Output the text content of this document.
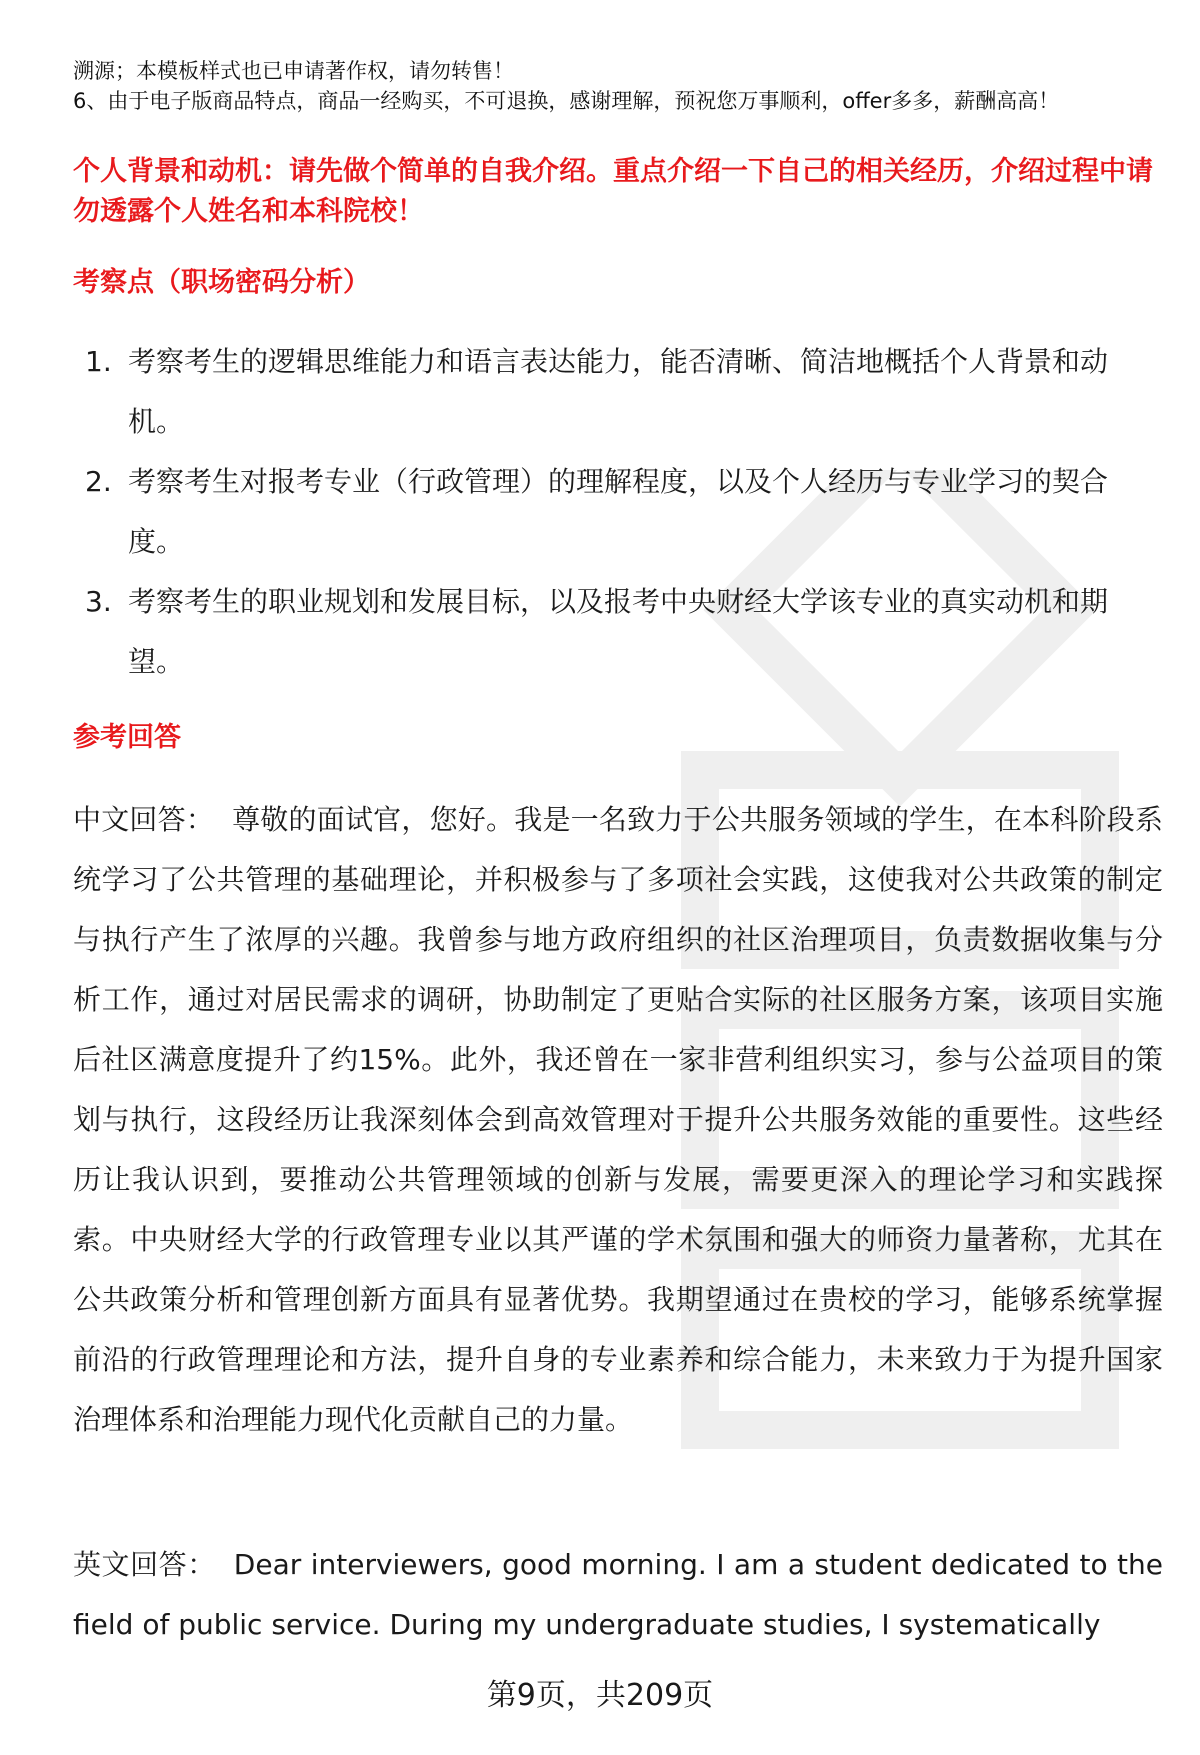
溯源；本模板样式也已申请著作权，请勿转售！
6、由于电子版商品特点，商品一经购买，不可退换，感谢理解，预祝您万事顺利，offer多多，薪酬高高！
个人背景和动机：请先做个简单的自我介绍。重点介绍一下自己的相关经历，介绍过程中请勿透露个人姓名和本科院校！
考察点（职场密码分析）
1. 考察考生的逻辑思维能力和语言表达能力，能否清晰、简洁地概括个人背景和动机。
2. 考察考生对报考专业（行政管理）的理解程度，以及个人经历与专业学习的契合度。
3. 考察考生的职业规划和发展目标，以及报考中央财经大学该专业的真实动机和期望。
参考回答

中文回答： 尊敬的面试官，您好。我是一名致力于公共服务领域的学生，在本科阶段系统学习了公共管理的基础理论，并积极参与了多项社会实践，这使我对公共政策的制定与执行产生了浓厚的兴趣。我曾参与地方政府组织的社区治理项目，负责数据收集与分析工作，通过对居民需求的调研，协助制定了更贴合实际的社区服务方案，该项目实施后社区满意度提升了约15%。此外，我还曾在一家非营利组织实习，参与公益项目的策划与执行，这段经历让我深刻体会到高效管理对于提升公共服务效能的重要性。这些经历让我认识到，要推动公共管理领域的创新与发展，需要更深入的理论学习和实践探索。中央财经大学的行政管理专业以其严谨的学术氛围和强大的师资力量著称，尤其在公共政策分析和管理创新方面具有显著优势。我期望通过在贵校的学习，能够系统掌握前沿的行政管理理论和方法，提升自身的专业素养和综合能力，未来致力于为提升国家治理体系和治理能力现代化贡献自己的力量。

英文回答： Dear interviewers, good morning. I am a student dedicated to the field of public service. During my undergraduate studies, I systematically

第9页，共209页
